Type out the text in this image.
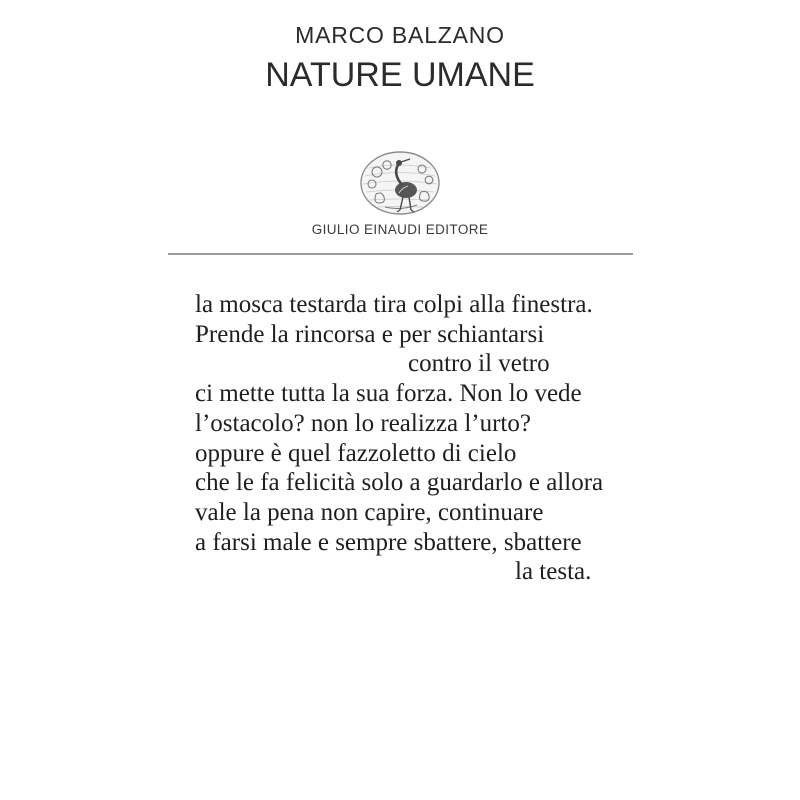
MARCO BALZANO
NATURE UMANE
GIULIO EINAUDI EDITORE
la mosca testarda tira colpi alla finestra.
Prende la rincorsa e per schiantarsi
contro il vetro
ci mette tutta la sua forza. Non lo vede
l’ostacolo? non lo realizza l’urto?
oppure è quel fazzoletto di cielo
che le fa felicità solo a guardarlo e allora
vale la pena non capire, continuare
a farsi male e sempre sbattere, sbattere
la testa.
